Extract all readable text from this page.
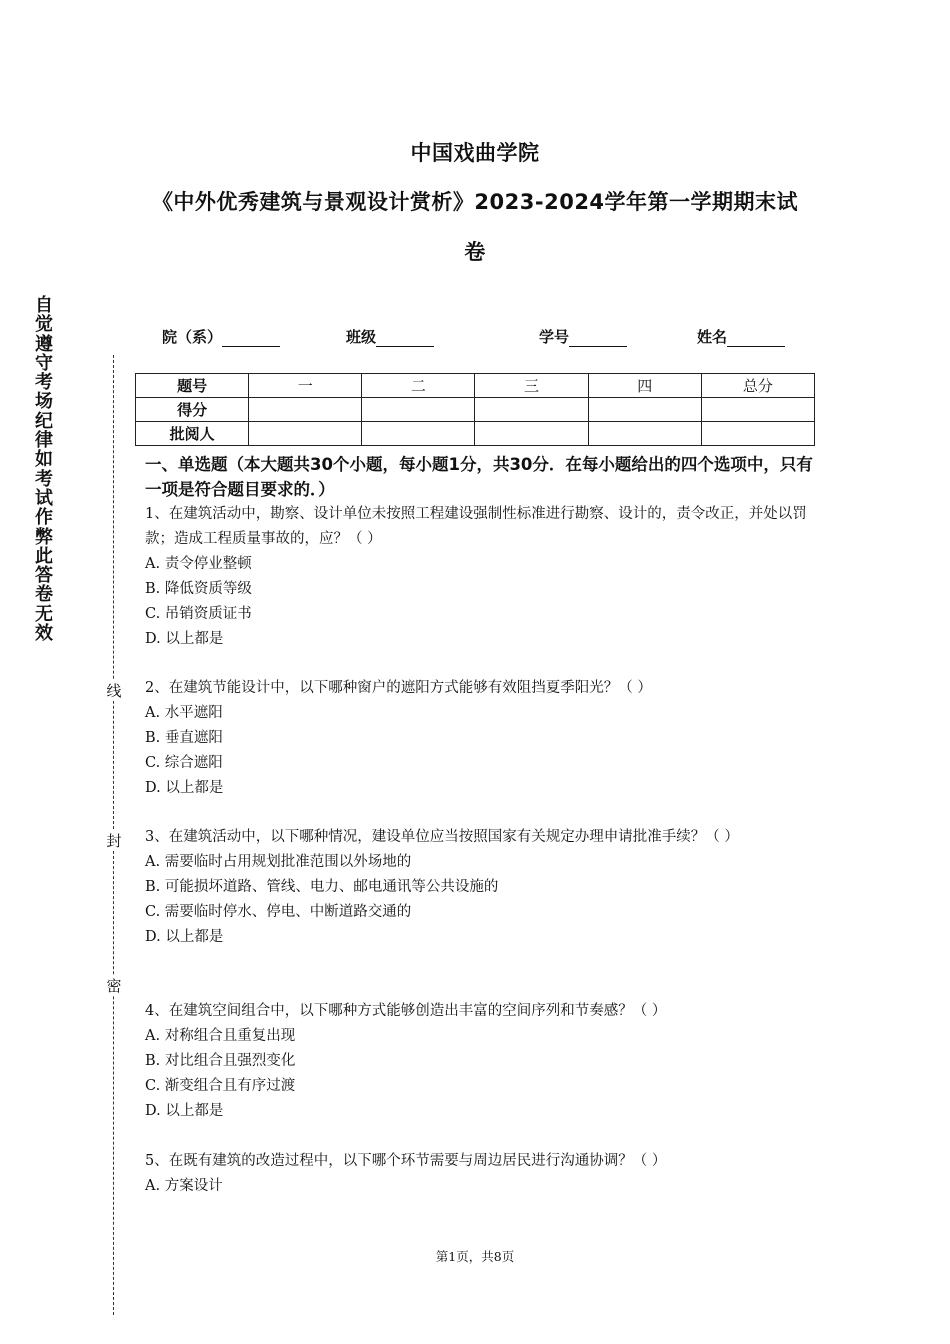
中国戏曲学院
《中外优秀建筑与景观设计赏析》2023-2024学年第一学期期末试
卷
自觉遵守考场纪律如考试作弊此答卷无效
线
封
密
院（系）	班级	学号	姓名
题号	一	二	三	四	总分
得分					
批阅人					
一、单选题（本大题共30个小题，每小题1分，共30分．在每小题给出的四个选项中，只有一项是符合题目要求的．）

1、在建筑活动中，勘察、设计单位未按照工程建设强制性标准进行勘察、设计的，责令改正，并处以罚款；造成工程质量事故的，应？（ ）

A. 责令停业整顿

B. 降低资质等级

C. 吊销资质证书

D. 以上都是

2、在建筑节能设计中，以下哪种窗户的遮阳方式能够有效阻挡夏季阳光？（ ）

A. 水平遮阳

B. 垂直遮阳

C. 综合遮阳

D. 以上都是

3、在建筑活动中，以下哪种情况，建设单位应当按照国家有关规定办理申请批准手续？（ ）

A. 需要临时占用规划批准范围以外场地的

B. 可能损坏道路、管线、电力、邮电通讯等公共设施的

C. 需要临时停水、停电、中断道路交通的

D. 以上都是

4、在建筑空间组合中，以下哪种方式能够创造出丰富的空间序列和节奏感？（ ）

A. 对称组合且重复出现

B. 对比组合且强烈变化

C. 渐变组合且有序过渡

D. 以上都是

5、在既有建筑的改造过程中，以下哪个环节需要与周边居民进行沟通协调？（ ）

A. 方案设计

第1页，共8页
